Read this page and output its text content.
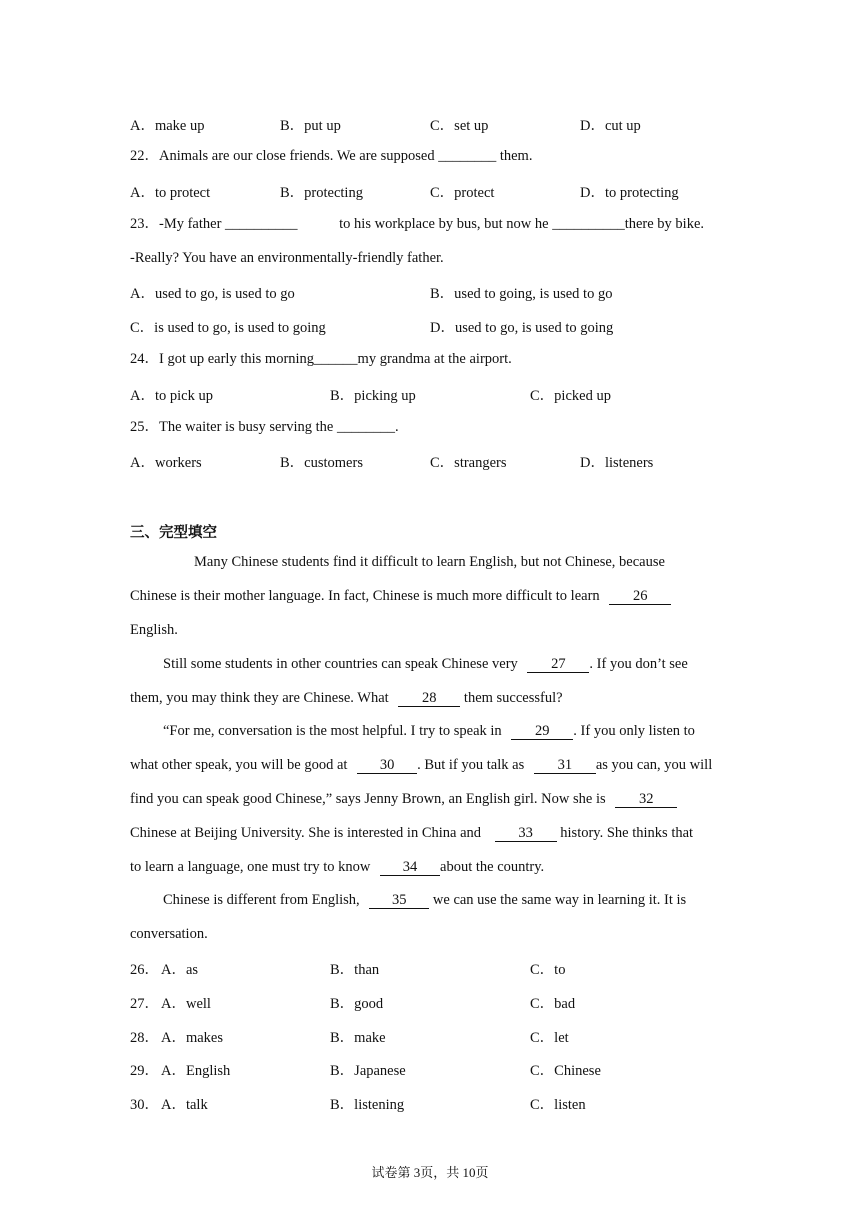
A．make up	B．put up	C．set up	D．cut up
22．Animals are our close friends. We are supposed ________ them.
A．to protect	B．protecting	C．protect	D．to protecting
23．-My father __________	to his workplace by bus, but now he __________there by bike.
-Really? You have an environmentally-friendly father.
A．used to go, is used to go	B．used to going, is used to go
C．is used to go, is used to going	D．used to go, is used to going
24．I got up early this morning______my grandma at the airport.
A．to pick up	B．picking up	C．picked up
25．The waiter is busy serving the ________.
A．workers	B．customers	C．strangers	D．listeners
三、完型填空
Many Chinese students find it difficult to learn English, but not Chinese, because
Chinese is their mother language. In fact, Chinese is much more difficult to learn 26
English.
Still some students in other countries can speak Chinese very 27 . If you don’t see
them, you may think they are Chinese. What 28 them successful?
“For me, conversation is the most helpful. I try to speak in 29 . If you only listen to
what other speak, you will be good at 30 . But if you talk as 31 as you can, you will
find you can speak good Chinese,” says Jenny Brown, an English girl. Now she is 32
Chinese at Beijing University. She is interested in China and 33 history. She thinks that
to learn a language, one must try to know 34 about the country.
Chinese is different from English, 35 we can use the same way in learning it. It is
conversation.
26． A．as	B．than	C．to
27． A．well	B．good	C．bad
28． A．makes	B．make	C．let
29． A．English	B．Japanese	C．Chinese
30． A．talk	B．listening	C．listen
试卷第 3页，共 10页
